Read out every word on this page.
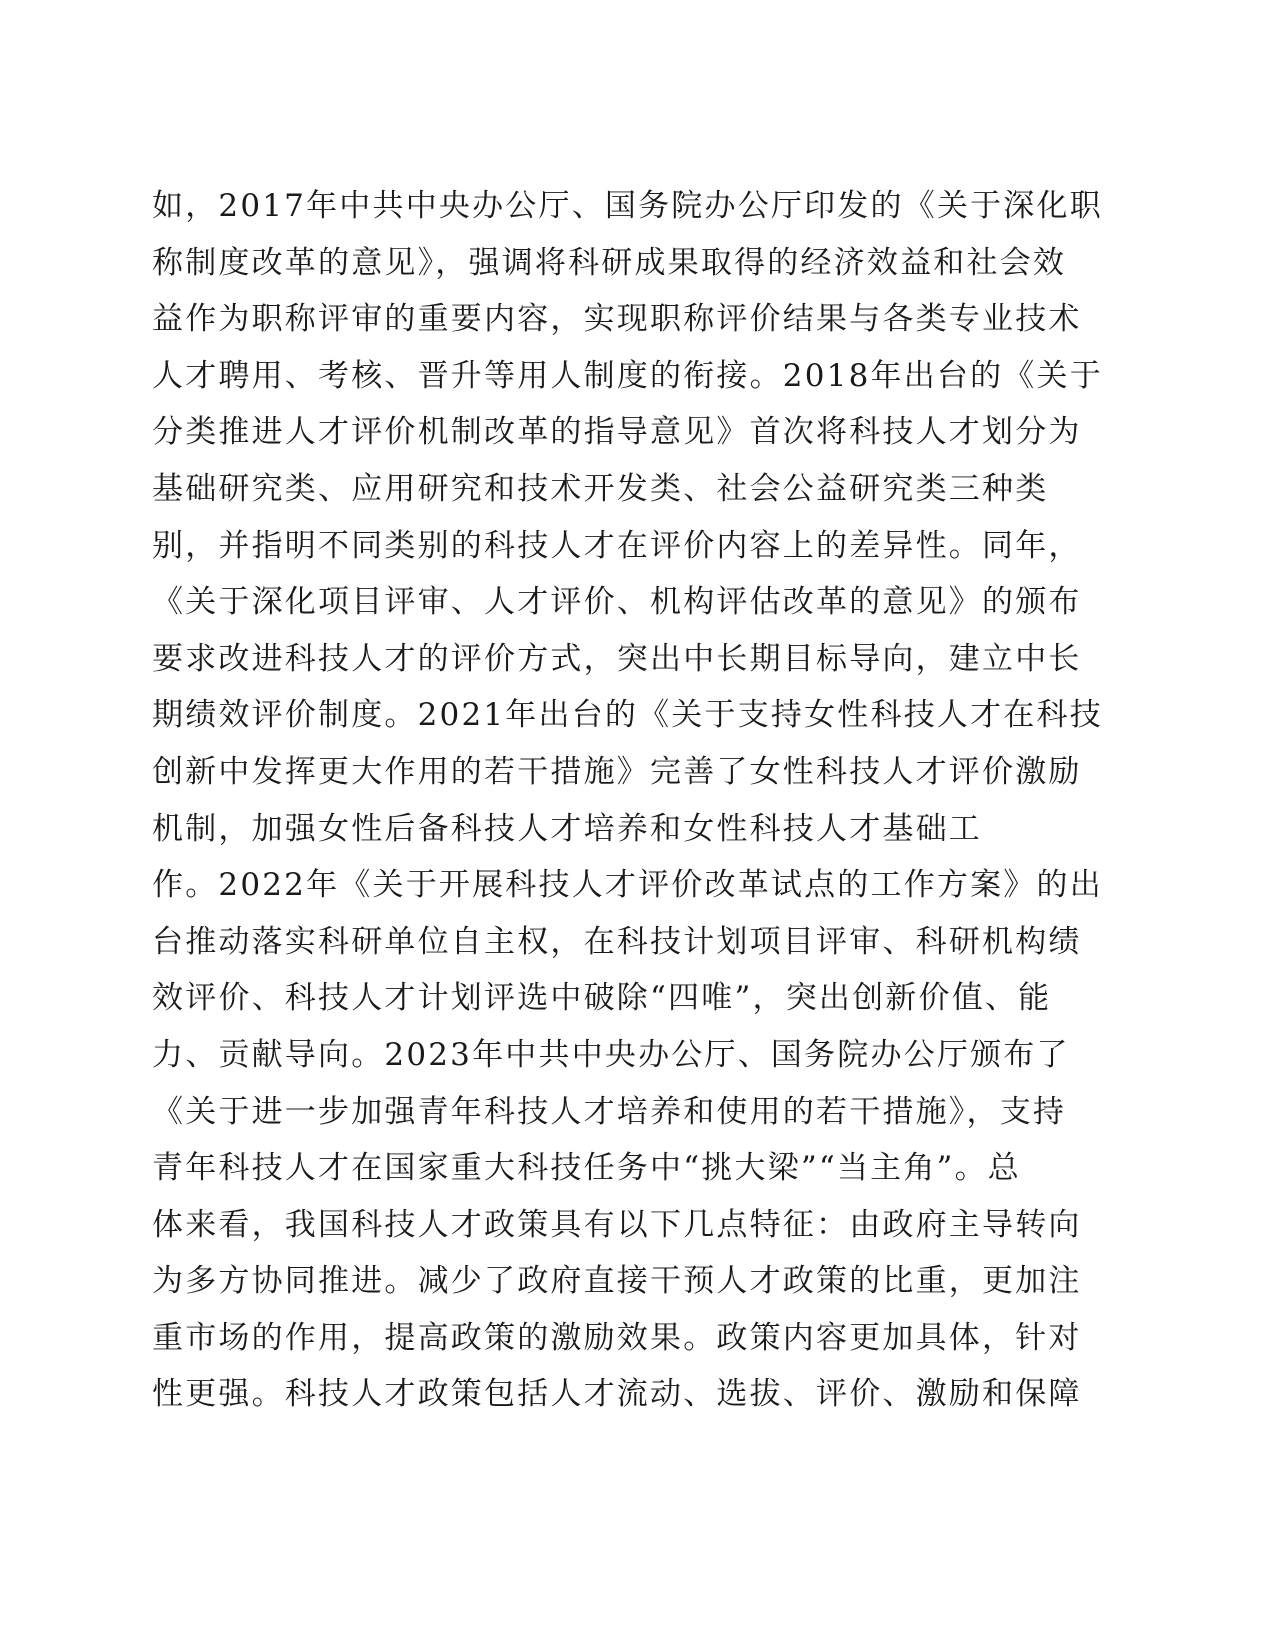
如，2017年中共中央办公厅、国务院办公厅印发的《关于深化职
称制度改革的意见》，强调将科研成果取得的经济效益和社会效
益作为职称评审的重要内容，实现职称评价结果与各类专业技术
人才聘用、考核、晋升等用人制度的衔接。2018年出台的《关于
分类推进人才评价机制改革的指导意见》首次将科技人才划分为
基础研究类、应用研究和技术开发类、社会公益研究类三种类
别，并指明不同类别的科技人才在评价内容上的差异性。同年，
《关于深化项目评审、人才评价、机构评估改革的意见》的颁布
要求改进科技人才的评价方式，突出中长期目标导向，建立中长
期绩效评价制度。2021年出台的《关于支持女性科技人才在科技
创新中发挥更大作用的若干措施》完善了女性科技人才评价激励
机制，加强女性后备科技人才培养和女性科技人才基础工
作。2022年《关于开展科技人才评价改革试点的工作方案》的出
台推动落实科研单位自主权，在科技计划项目评审、科研机构绩
效评价、科技人才计划评选中破除“四唯”，突出创新价值、能
力、贡献导向。2023年中共中央办公厅、国务院办公厅颁布了
《关于进一步加强青年科技人才培养和使用的若干措施》，支持
青年科技人才在国家重大科技任务中“挑大梁”“当主角”。总
体来看，我国科技人才政策具有以下几点特征：由政府主导转向
为多方协同推进。减少了政府直接干预人才政策的比重，更加注
重市场的作用，提高政策的激励效果。政策内容更加具体，针对
性更强。科技人才政策包括人才流动、选拔、评价、激励和保障
